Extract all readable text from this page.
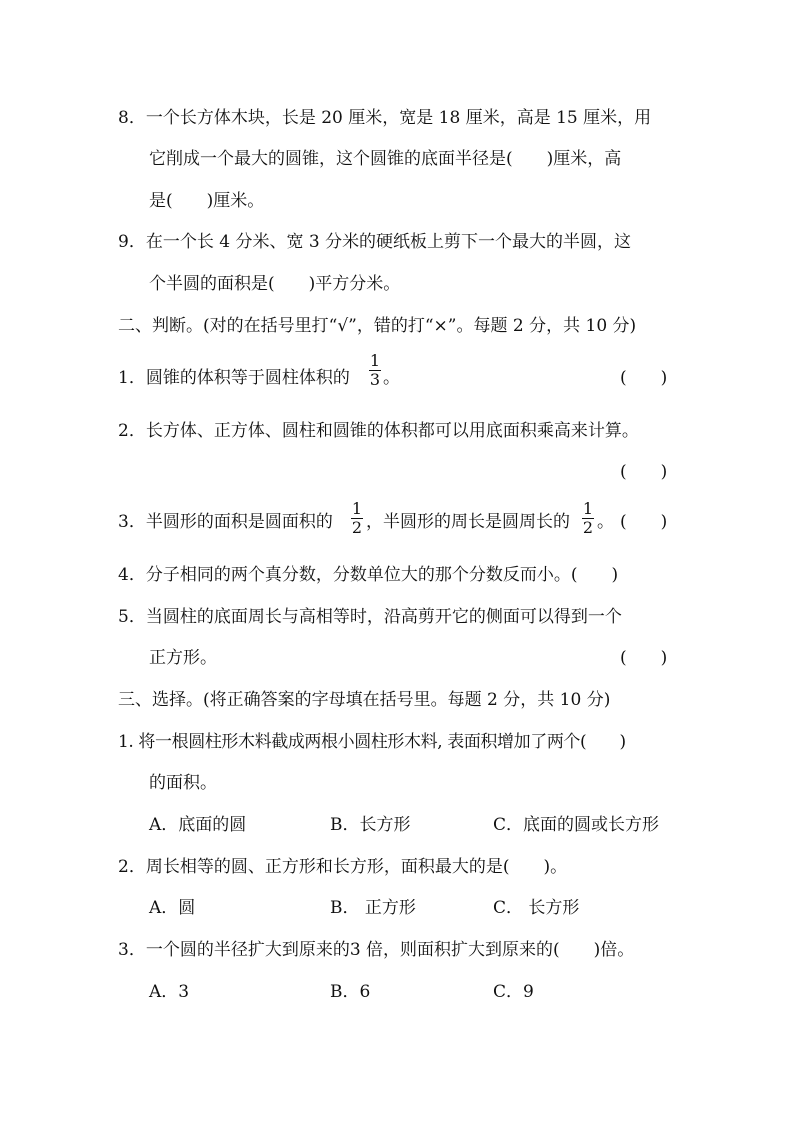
8．一个长方体木块，长是 20 厘米，宽是 18 厘米，高是 15 厘米，用
它削成一个最大的圆锥，这个圆锥的底面半径是(　　)厘米，高
是(　　)厘米。
9．在一个长 4 分米、宽 3 分米的硬纸板上剪下一个最大的半圆，这
个半圆的面积是(　　)平方分米。
二、判断。(对的在括号里打“√”，错的打“×”。每题 2 分，共 10 分)
1．圆锥的体积等于圆柱体积的
1
3 。	(　　)
2．长方体、正方体、圆柱和圆锥的体积都可以用底面积乘高来计算。
(　　)
3．半圆形的面积是圆面积的
1
2 ，半圆形的周长是圆周长的
1
2 。 (　　)
4．分子相同的两个真分数，分数单位大的那个分数反而小。(　　)
5．当圆柱的底面周长与高相等时，沿高剪开它的侧面可以得到一个
正方形。	(　　)
三、选择。(将正确答案的字母填在括号里。每题 2 分，共 10 分)
1. 将一根圆柱形木料截成两根小圆柱形木料, 表面积增加了两个(　　)
的面积。
A．底面的圆	B．长方形	C．底面的圆或长方形
2．周长相等的圆、正方形和长方形，面积最大的是(　　)。
A．圆	B． 正方形	C． 长方形
3．一个圆的半径扩大到原来的3 倍，则面积扩大到原来的(　　)倍。
A．3	B．6	C．9
